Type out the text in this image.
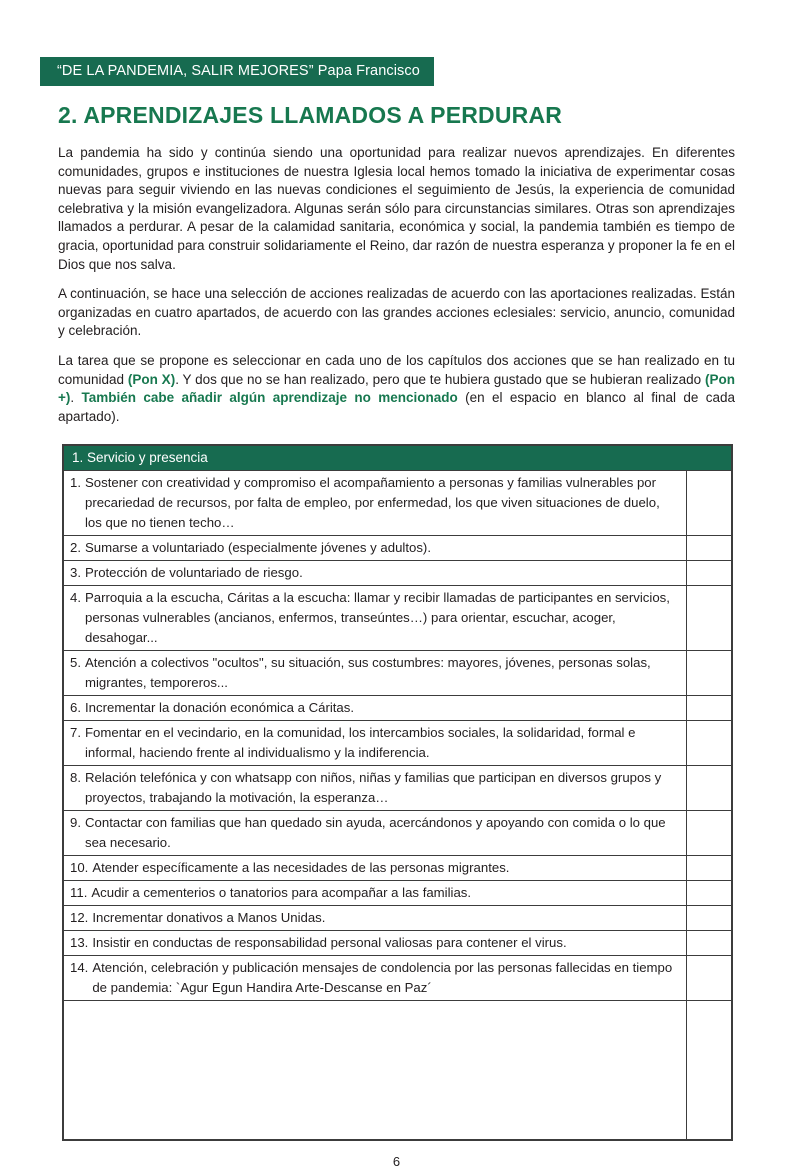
“DE LA PANDEMIA, SALIR MEJORES” Papa Francisco
2. APRENDIZAJES LLAMADOS A PERDURAR
La pandemia ha sido y continúa siendo una oportunidad para realizar nuevos aprendizajes. En diferentes comunidades, grupos e instituciones de nuestra Iglesia local hemos tomado la iniciativa de experimentar cosas nuevas para seguir viviendo en las nuevas condiciones el seguimiento de Jesús, la experiencia de comunidad celebrativa y la misión evangelizadora. Algunas serán sólo para circunstancias similares. Otras son aprendizajes llamados a perdurar. A pesar de la calamidad sanitaria, económica y social, la pandemia también es tiempo de gracia, oportunidad para construir solidariamente el Reino, dar razón de nuestra esperanza y proponer la fe en el Dios que nos salva.
A continuación, se hace una selección de acciones realizadas de acuerdo con las aportaciones realizadas. Están organizadas en cuatro apartados, de acuerdo con las grandes acciones eclesiales: servicio, anuncio, comunidad y celebración.
La tarea que se propone es seleccionar en cada uno de los capítulos dos acciones que se han realizado en tu comunidad (Pon X). Y dos que no se han realizado, pero que te hubiera gustado que se hubieran realizado (Pon +). También cabe añadir algún aprendizaje no mencionado (en el espacio en blanco al final de cada apartado).
1. Servicio y presencia
1. Sostener con creatividad y compromiso el acompañamiento a personas y familias vulnerables por precariedad de recursos, por falta de empleo, por enfermedad, los que viven situaciones de duelo, los que no tienen techo…
2. Sumarse a voluntariado (especialmente jóvenes y adultos).
3. Protección de voluntariado de riesgo.
4. Parroquia a la escucha, Cáritas a la escucha: llamar y recibir llamadas de participantes en servicios, personas vulnerables (ancianos, enfermos, transeúntes…) para orientar, escuchar, acoger, desahogar...
5. Atención a colectivos "ocultos", su situación, sus costumbres: mayores, jóvenes, personas solas, migrantes, temporeros...
6. Incrementar la donación económica a Cáritas.
7. Fomentar en el vecindario, en la comunidad, los intercambios sociales, la solidaridad, formal e informal, haciendo frente al individualismo y la indiferencia.
8. Relación telefónica y con whatsapp con niños, niñas y familias que participan en diversos grupos y proyectos, trabajando la motivación, la esperanza…
9. Contactar con familias que han quedado sin ayuda, acercándonos y apoyando con comida o lo que sea necesario.
10. Atender específicamente a las necesidades de las personas migrantes.
11. Acudir a cementerios o tanatorios para acompañar a las familias.
12. Incrementar donativos a Manos Unidas.
13. Insistir en conductas de responsabilidad personal valiosas para contener el virus.
14. Atención, celebración y publicación mensajes de condolencia por las personas fallecidas en tiempo de pandemia: `Agur Egun Handira Arte-Descanse en Paz´
6
